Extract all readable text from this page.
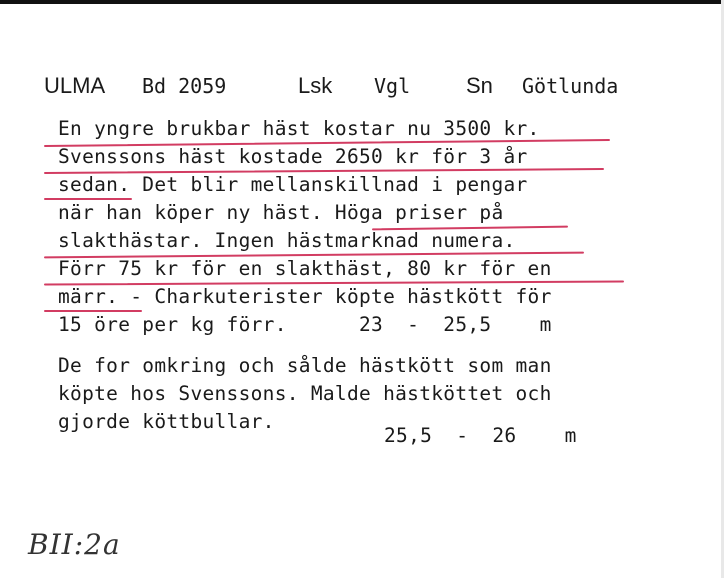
ULMA Bd 2059	Lsk Vgl	Sn Götlunda
En yngre brukbar häst kostar nu 3500 kr.
Svenssons häst kostade 2650 kr för 3 år
sedan. Det blir mellanskillnad i pengar
när han köper ny häst. Höga priser på
slakthästar. Ingen hästmarknad numera.
Förr 75 kr för en slakthäst, 80 kr för en
märr. - Charkuterister köpte hästkött för
15 öre per kg förr.      23  -  25,5    m
De for omkring och sålde hästkött som man
köpte hos Svenssons. Malde hästköttet och
gjorde köttbullar.
25,5  -  26    m
BII:2a
